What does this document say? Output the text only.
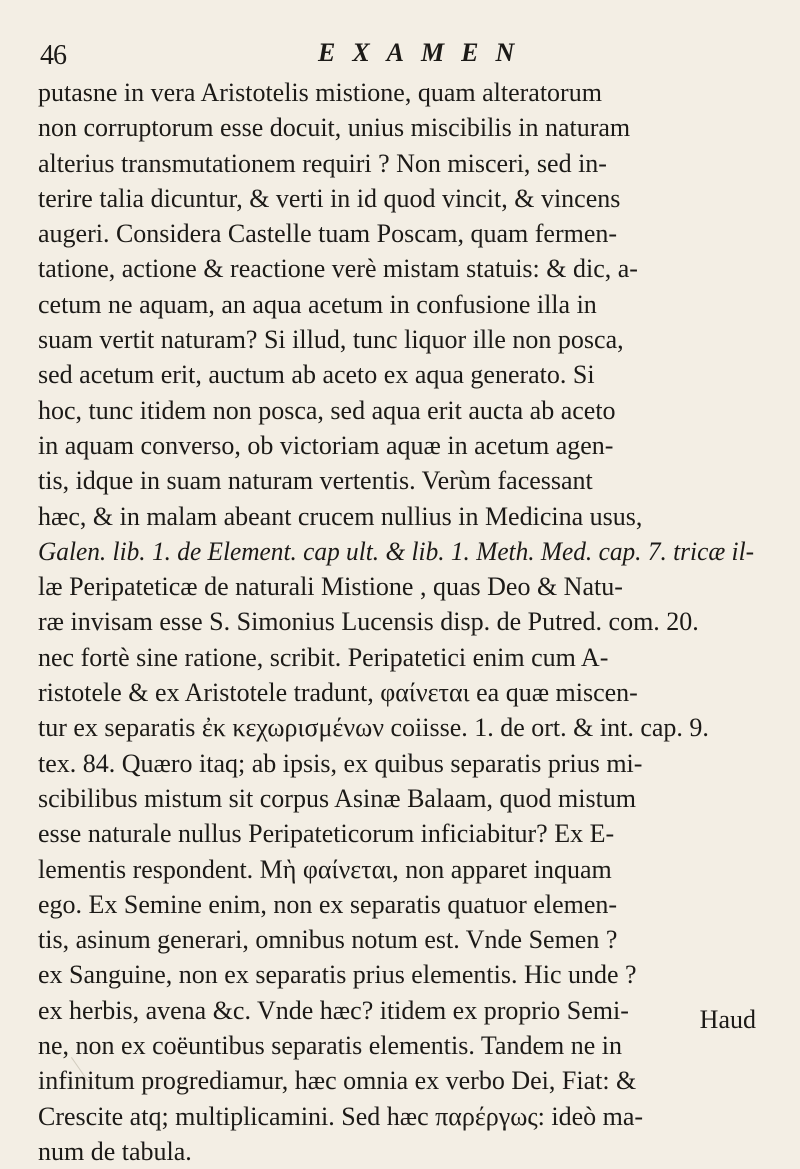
46	EXAMEN
putasne in vera Aristotelis mistione, quam alteratorum
non corruptorum esse docuit, unius miscibilis in naturam
alterius transmutationem requiri ? Non misceri, sed in-
terire talia dicuntur, & verti in id quod vincit, & vincens
augeri. Considera Castelle tuam Poscam, quam fermen-
tatione, actione & reactione verè mistam statuis: & dic, a-
cetum ne aquam, an aqua acetum in confusione illa in
suam vertit naturam? Si illud, tunc liquor ille non posca,
sed acetum erit, auctum ab aceto ex aqua generato. Si
hoc, tunc itidem non posca, sed aqua erit aucta ab aceto
in aquam converso, ob victoriam aquæ in acetum agen-
tis, idque in suam naturam vertentis. Verùm facessant
hæc, & in malam abeant crucem nullius in Medicina usus,
Galen. lib. 1. de Element. cap ult. & lib. 1. Meth. Med. cap. 7. tricæ il-
læ Peripateticæ de naturali Mistione , quas Deo & Natu-
ræ invisam esse S. Simonius Lucensis disp. de Putred. com. 20.
nec fortè sine ratione, scribit. Peripatetici enim cum A-
ristotele & ex Aristotele tradunt, φαίνεται ea quæ miscen-
tur ex separatis ἐκ κεχωρισμένων coiisse. 1. de ort. & int. cap. 9.
tex. 84. Quæro itaq; ab ipsis, ex quibus separatis prius mi-
scibilibus mistum sit corpus Asinæ Balaam, quod mistum
esse naturale nullus Peripateticorum inficiabitur? Ex E-
lementis respondent. Μὴ φαίνεται, non apparet inquam
ego. Ex Semine enim, non ex separatis quatuor elemen-
tis, asinum generari, omnibus notum est. Vnde Semen ?
ex Sanguine, non ex separatis prius elementis. Hic unde ?
ex herbis, avena &c. Vnde hæc? itidem ex proprio Semi-
ne, non ex coëuntibus separatis elementis. Tandem ne in
infinitum progrediamur, hæc omnia ex verbo Dei, Fiat: &
Crescite atq; multiplicamini. Sed hæc παρέργως: ideò ma-
num de tabula.
Haud
